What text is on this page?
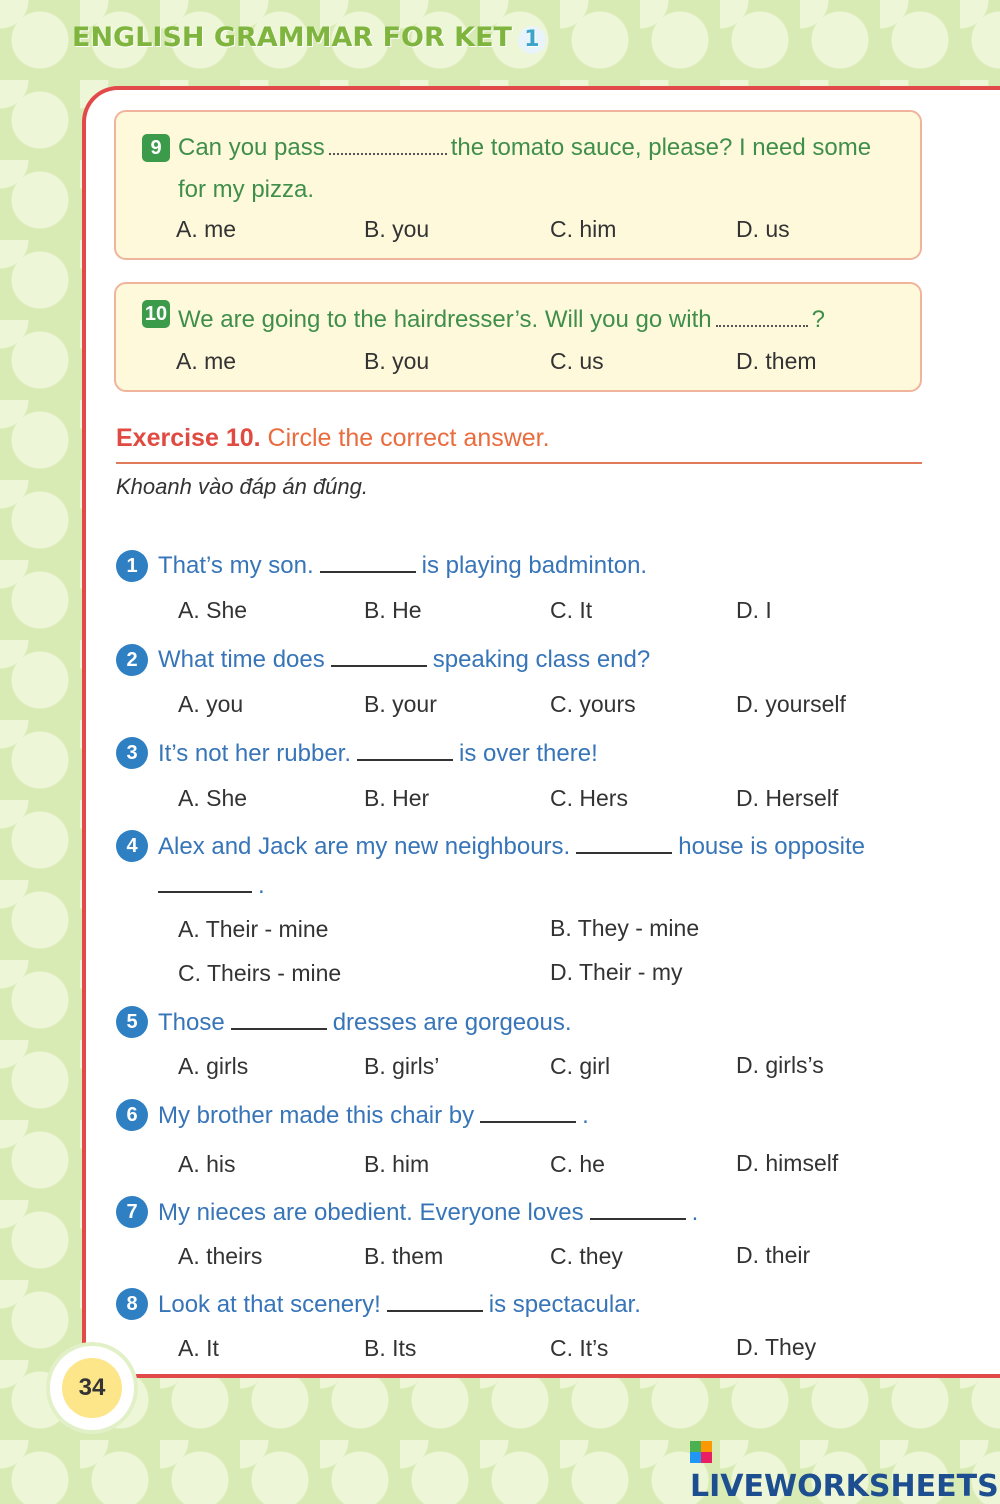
ENGLISH GRAMMAR FOR KET 1
9 Can you pass	the tomato sauce, please? I need some
for my pizza.
A. me	B. you	C. him	D. us
10 We are going to the hairdresser’s. Will you go with	?
A. me	B. you	C. us	D. them
Exercise 10. Circle the correct answer.
Khoanh vào đáp án đúng.
1 That’s my son.	is playing badminton.
A. She	B. He	C. It	D. I
2 What time does	speaking class end?
A. you	B. your	C. yours	D. yourself
3 It’s not her rubber.	is over there!
A. She	B. Her	C. Hers	D. Herself
4 Alex and Jack are my new neighbours.	house is opposite
.
A. Their - mine	B. They - mine
C. Theirs - mine	D. Their - my
5 Those	dresses are gorgeous.
A. girls	B. girls’	C. girl	D. girls’s
6 My brother made this chair by	.
A. his	B. him	C. he	D. himself
7 My nieces are obedient. Everyone loves	.
A. theirs	B. them	C. they	D. their
8 Look at that scenery!	is spectacular.
A. It	B. Its	C. It’s	D. They
34
LIVEWORKSHEETS
